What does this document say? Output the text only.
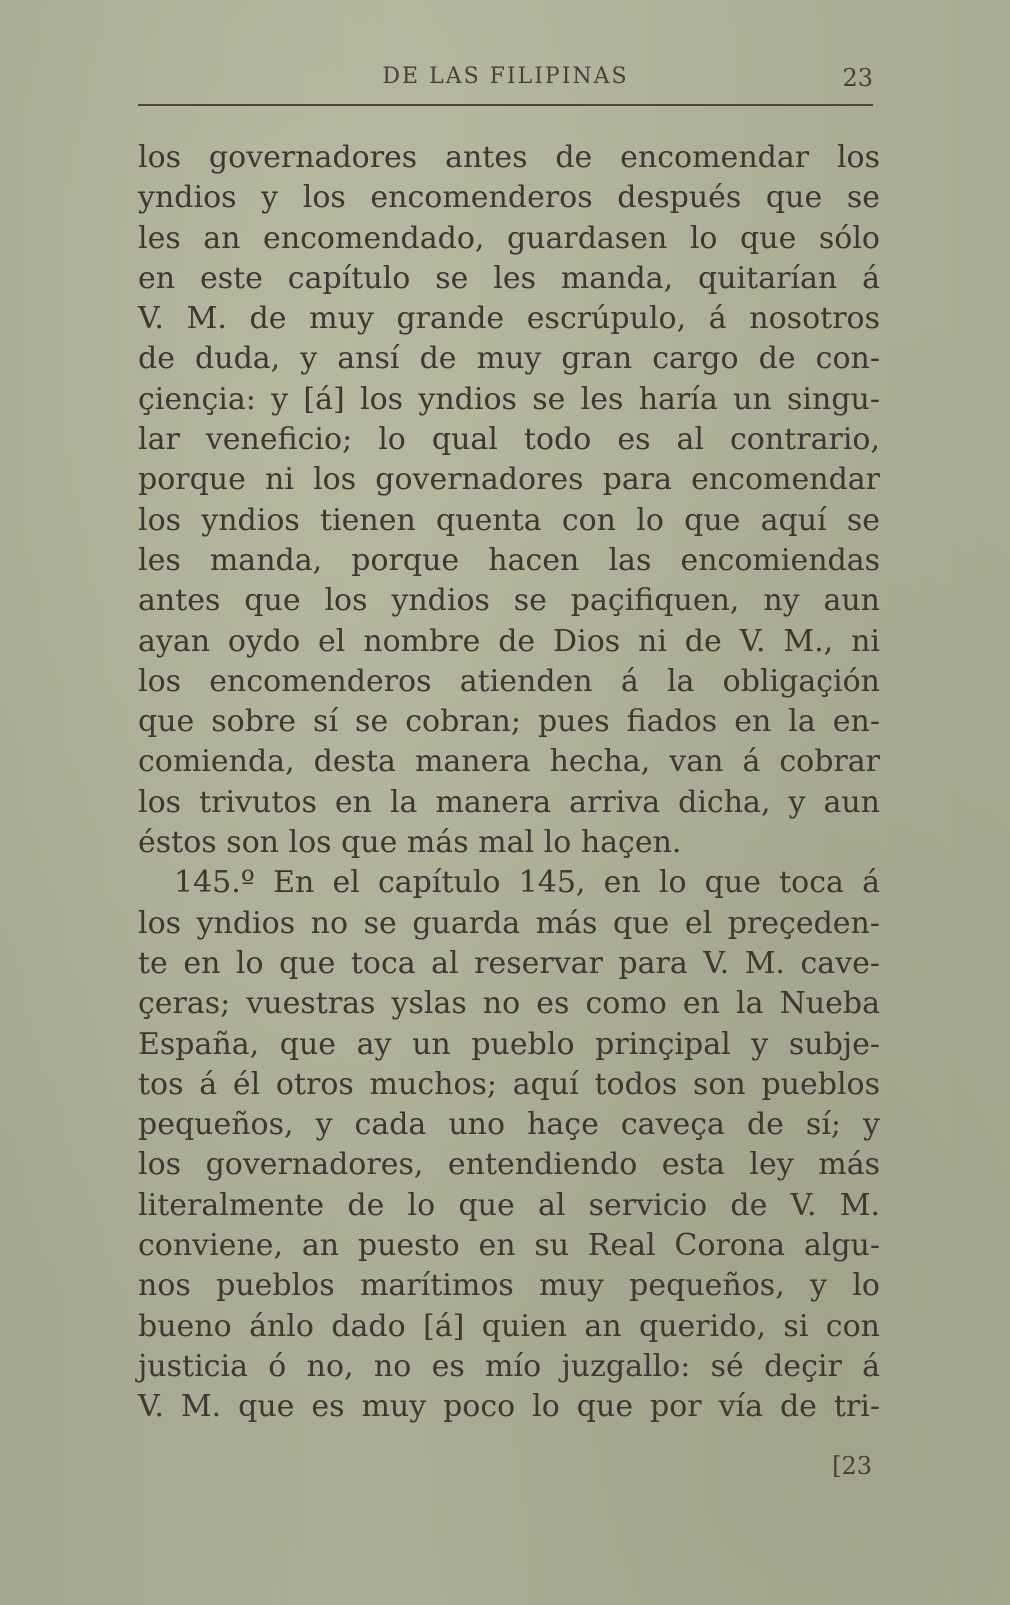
DE LAS FILIPINAS	23
los governadores antes de encomendar los
yndios y los encomenderos después que se
les an encomendado, guardasen lo que sólo
en este capítulo se les manda, quitarían á
V. M. de muy grande escrúpulo, á nosotros
de duda, y ansí de muy gran cargo de con-
çiençia: y [á] los yndios se les haría un singu-
lar veneficio; lo qual todo es al contrario,
porque ni los governadores para encomendar
los yndios tienen quenta con lo que aquí se
les manda, porque hacen las encomiendas
antes que los yndios se paçifiquen, ny aun
ayan oydo el nombre de Dios ni de V. M., ni
los encomenderos atienden á la obligaçión
que sobre sí se cobran; pues fiados en la en-
comienda, desta manera hecha, van á cobrar
los trivutos en la manera arriva dicha, y aun
éstos son los que más mal lo haçen.
145.º En el capítulo 145, en lo que toca á
los yndios no se guarda más que el preçeden-
te en lo que toca al reservar para V. M. cave-
çeras; vuestras yslas no es como en la Nueba
España, que ay un pueblo prinçipal y subje-
tos á él otros muchos; aquí todos son pueblos
pequeños, y cada uno haçe caveça de sí; y
los governadores, entendiendo esta ley más
literalmente de lo que al servicio de V. M.
conviene, an puesto en su Real Corona algu-
nos pueblos marítimos muy pequeños, y lo
bueno ánlo dado [á] quien an querido, si con
justicia ó no, no es mío juzgallo: sé deçir á
V. M. que es muy poco lo que por vía de tri-
[23
